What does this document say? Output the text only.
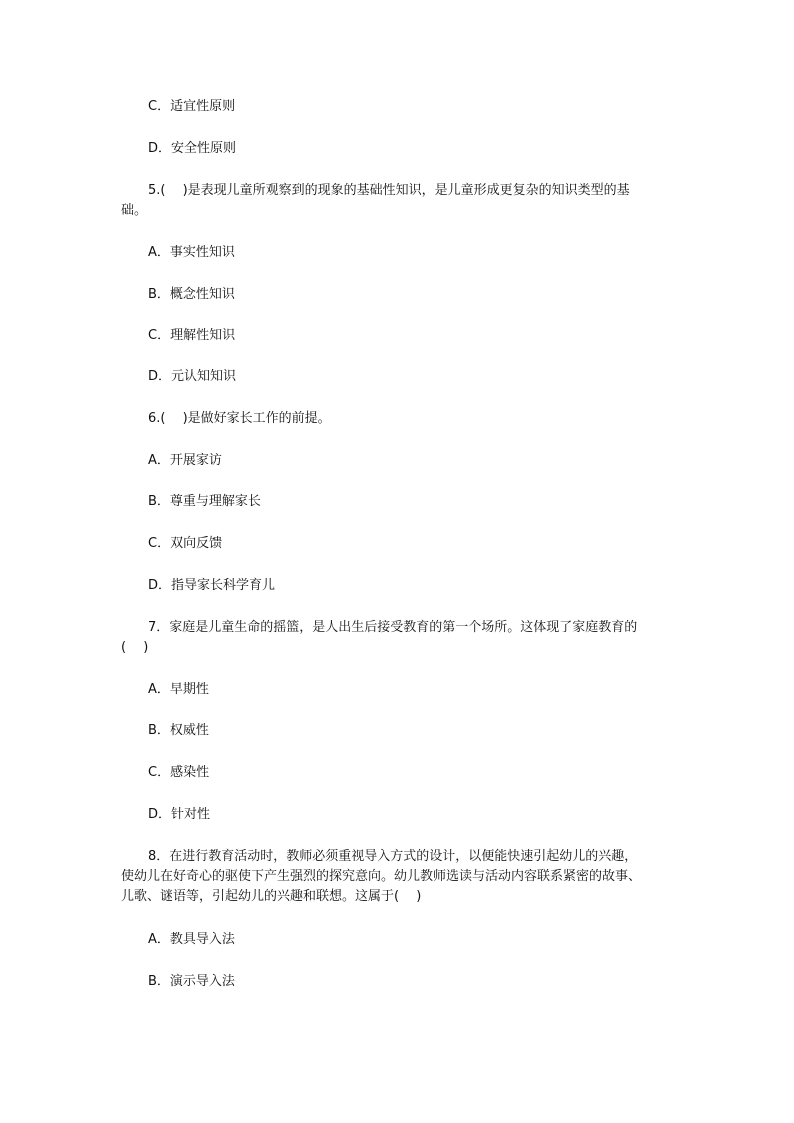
C．适宜性原则
D．安全性原则
5.(　 )是表现儿童所观察到的现象的基础性知识，是儿童形成更复杂的知识类型的基
础。
A．事实性知识
B．概念性知识
C．理解性知识
D．元认知知识
6.(　 )是做好家长工作的前提。
A．开展家访
B．尊重与理解家长
C．双向反馈
D．指导家长科学育儿
7．家庭是儿童生命的摇篮，是人出生后接受教育的第一个场所。这体现了家庭教育的
(　 )
A．早期性
B．权威性
C．感染性
D．针对性
8．在进行教育活动时，教师必须重视导入方式的设计，以便能快速引起幼儿的兴趣，
使幼儿在好奇心的驱使下产生强烈的探究意向。幼儿教师选读与活动内容联系紧密的故事、
儿歌、谜语等，引起幼儿的兴趣和联想。这属于(　 )
A．教具导入法
B．演示导入法
